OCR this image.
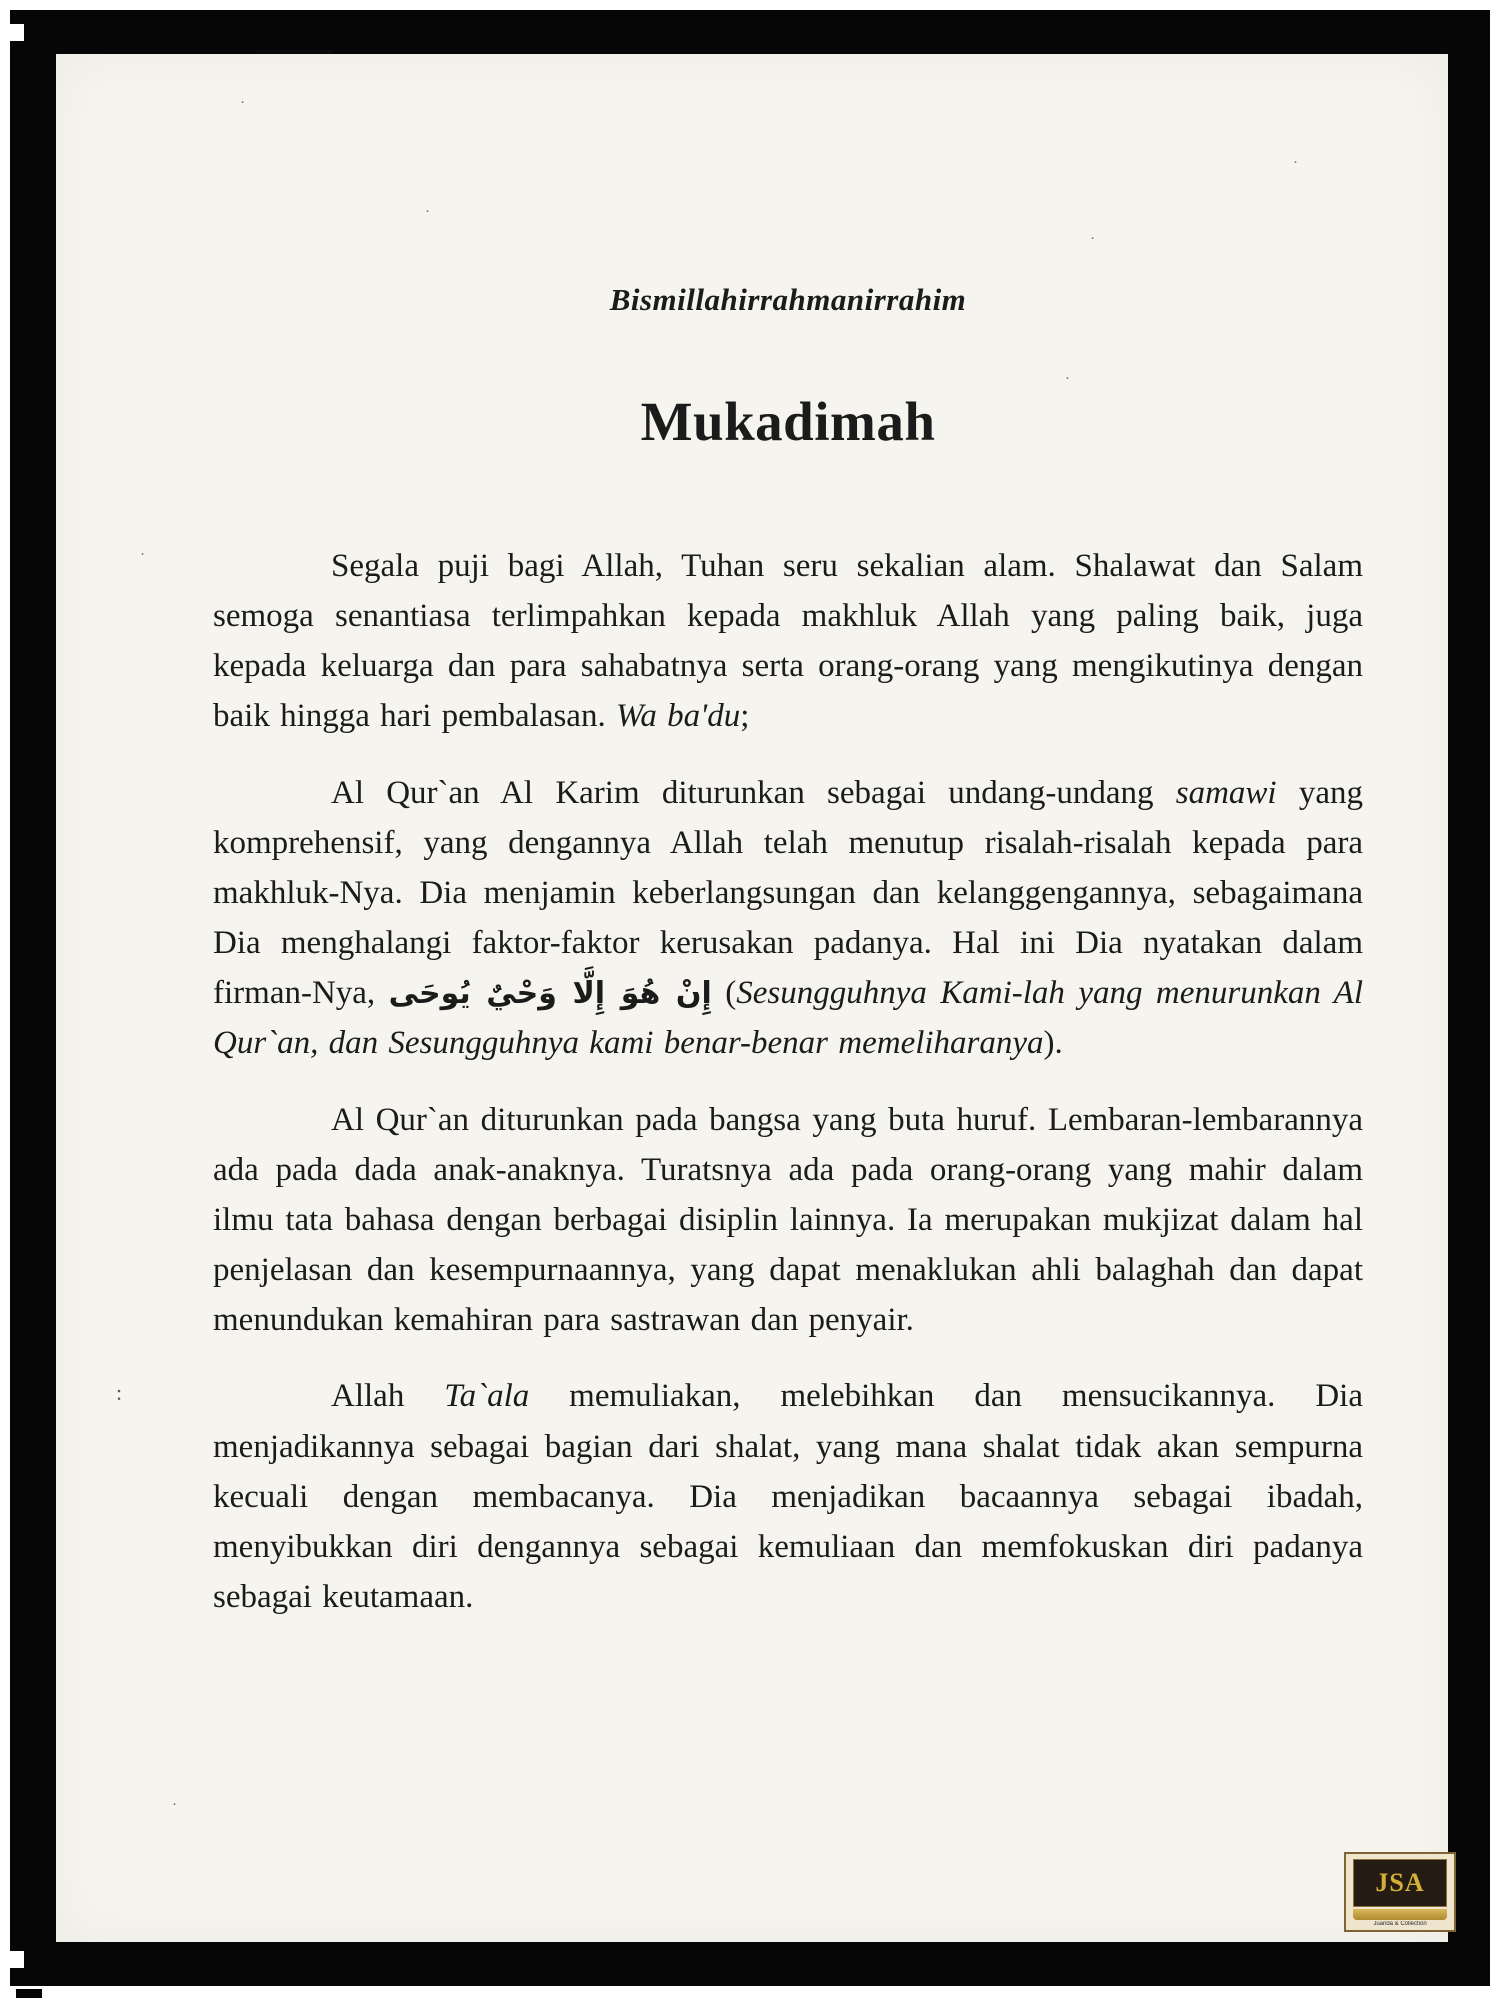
Bismillahirrahmanirrahim
Mukadimah

Segala puji bagi Allah, Tuhan seru sekalian alam. Shalawat dan Salam semoga senantiasa terlimpahkan kepada makhluk Allah yang paling baik, juga kepada keluarga dan para sahabatnya serta orang-orang yang mengikutinya dengan baik hingga hari pembalasan. Wa ba'du;

Al Qur`an Al Karim diturunkan sebagai undang-undang samawi yang komprehensif, yang dengannya Allah telah menutup risalah-risalah kepada para makhluk-Nya. Dia menjamin keberlangsungan dan kelanggengannya, sebagaimana Dia menghalangi faktor-faktor kerusakan padanya. Hal ini Dia nyatakan dalam firman-Nya, إِنْ هُوَ إِلَّا وَحْيٌ يُوحَى (Sesungguhnya Kami-lah yang menurunkan Al Qur`an, dan Sesungguhnya kami benar-benar memeliharanya).

Al Qur`an diturunkan pada bangsa yang buta huruf. Lembaran-lembarannya ada pada dada anak-anaknya. Turatsnya ada pada orang-orang yang mahir dalam ilmu tata bahasa dengan berbagai disiplin lainnya. Ia merupakan mukjizat dalam hal penjelasan dan kesempurnaannya, yang dapat menaklukan ahli balaghah dan dapat menundukan kemahiran para sastrawan dan penyair.

Allah Ta`ala memuliakan, melebihkan dan mensucikannya. Dia menjadikannya sebagai bagian dari shalat, yang mana shalat tidak akan sempurna kecuali dengan membacanya. Dia menjadikan bacaannya sebagai ibadah, menyibukkan diri dengannya sebagai kemuliaan dan memfokuskan diri padanya sebagai keutamaan.

JSA
Juanda & Collection
·
·
·
·
·
·
:
·
